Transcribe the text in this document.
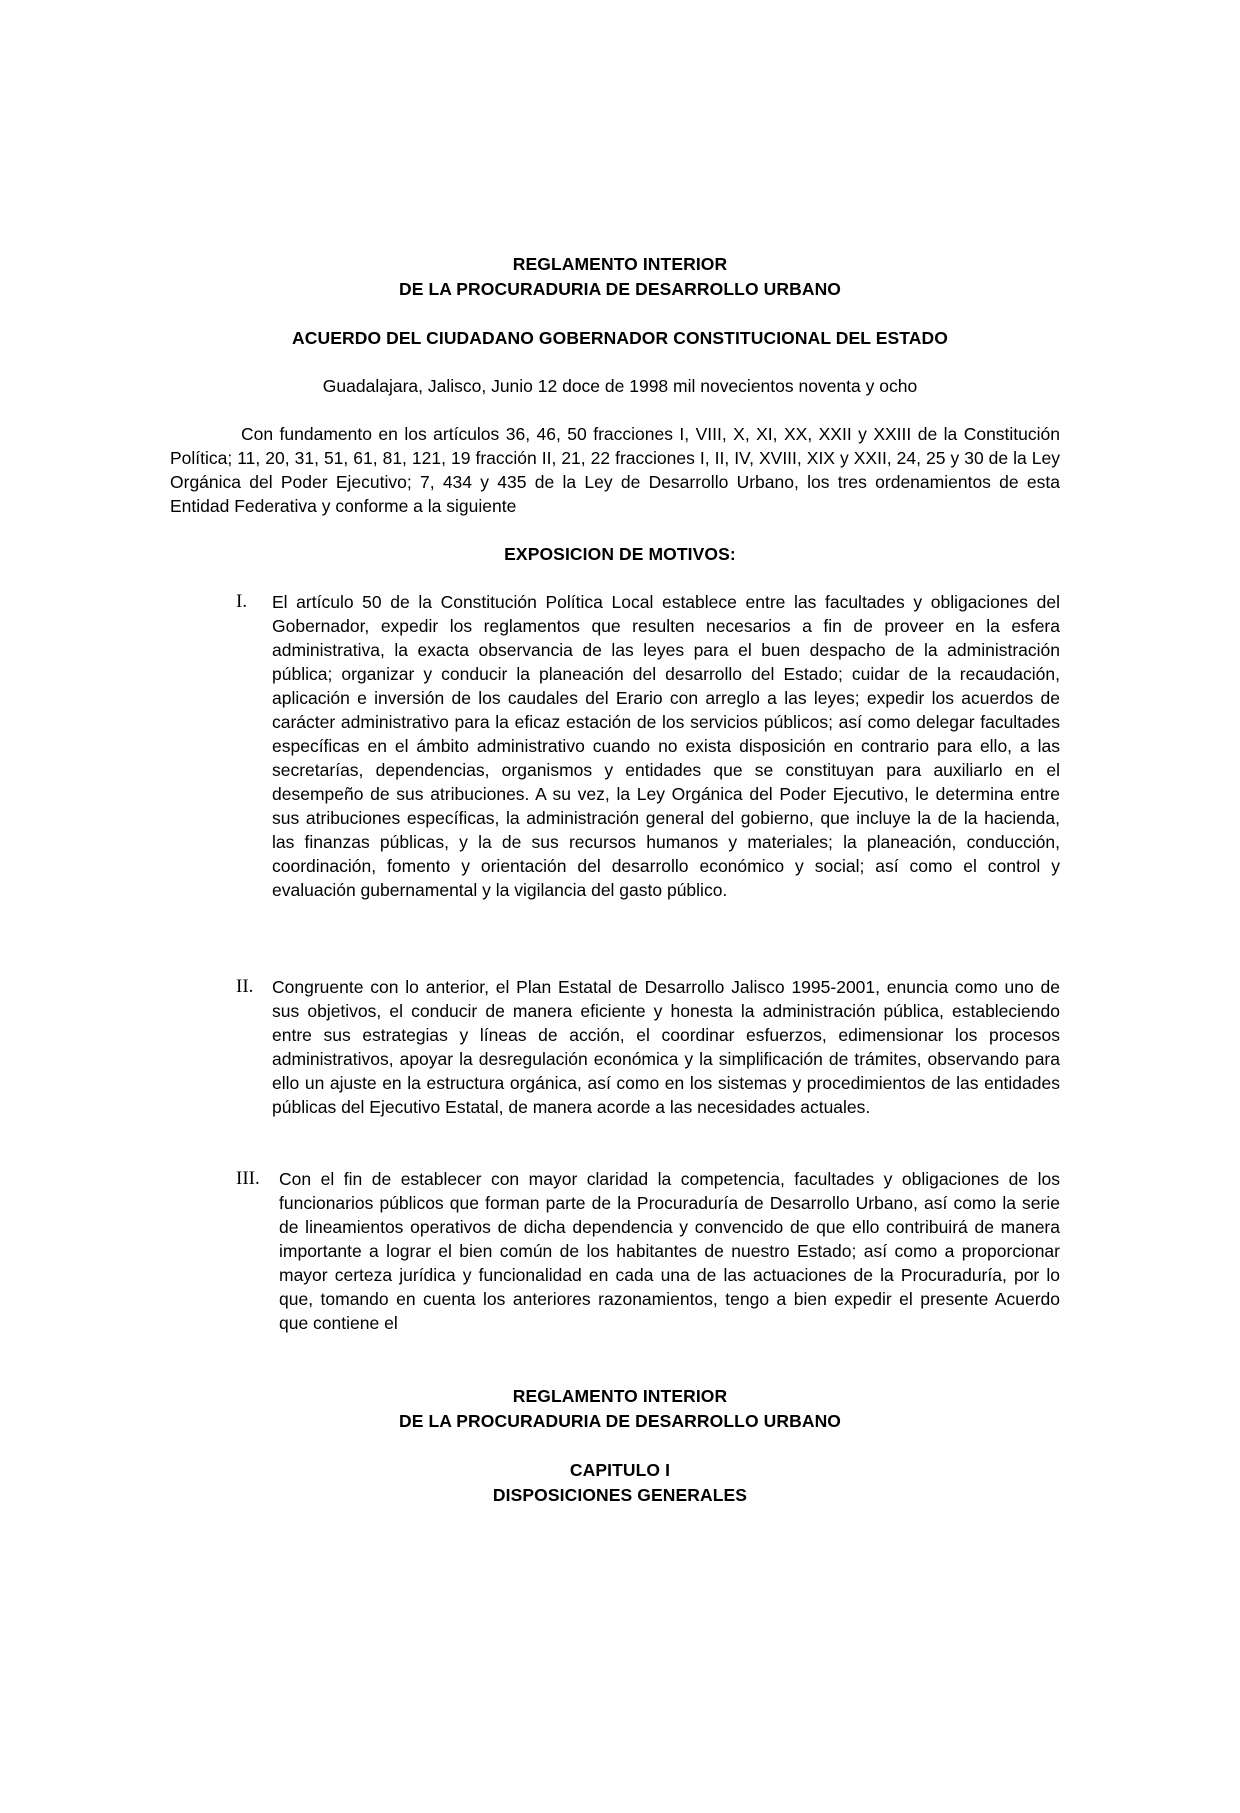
REGLAMENTO INTERIOR
DE LA PROCURADURIA DE DESARROLLO URBANO
ACUERDO DEL CIUDADANO GOBERNADOR CONSTITUCIONAL DEL ESTADO
Guadalajara, Jalisco, Junio 12 doce de 1998 mil novecientos noventa y ocho
Con fundamento en los artículos 36, 46, 50 fracciones I, VIII, X, XI, XX, XXII y XXIII de la Constitución Política; 11, 20, 31, 51, 61, 81, 121, 19 fracción II, 21, 22 fracciones I, II, IV, XVIII, XIX y XXII, 24, 25 y 30 de la Ley Orgánica del Poder Ejecutivo; 7, 434 y 435 de la Ley de Desarrollo Urbano, los tres ordenamientos de esta Entidad Federativa y conforme a la siguiente
EXPOSICION DE MOTIVOS:
I. El artículo 50 de la Constitución Política Local establece entre las facultades y obligaciones del Gobernador, expedir los reglamentos que resulten necesarios a fin de proveer en la esfera administrativa, la exacta observancia de las leyes para el buen despacho de la administración pública; organizar y conducir la planeación del desarrollo del Estado; cuidar de la recaudación, aplicación e inversión de los caudales del Erario con arreglo a las leyes; expedir los acuerdos de carácter administrativo para la eficaz estación de los servicios públicos; así como delegar facultades específicas en el ámbito administrativo cuando no exista disposición en contrario para ello, a las secretarías, dependencias, organismos y entidades que se constituyan para auxiliarlo en el desempeño de sus atribuciones. A su vez, la Ley Orgánica del Poder Ejecutivo, le determina entre sus atribuciones específicas, la administración general del gobierno, que incluye la de la hacienda, las finanzas públicas, y la de sus recursos humanos y materiales; la planeación, conducción, coordinación, fomento y orientación del desarrollo económico y social; así como el control y evaluación gubernamental y la vigilancia del gasto público.
II. Congruente con lo anterior, el Plan Estatal de Desarrollo Jalisco 1995-2001, enuncia como uno de sus objetivos, el conducir de manera eficiente y honesta la administración pública, estableciendo entre sus estrategias y líneas de acción, el coordinar esfuerzos, edimensionar los procesos administrativos, apoyar la desregulación económica y la simplificación de trámites, observando para ello un ajuste en la estructura orgánica, así como en los sistemas y procedimientos de las entidades públicas del Ejecutivo Estatal, de manera acorde a las necesidades actuales.
III. Con el fin de establecer con mayor claridad la competencia, facultades y obligaciones de los funcionarios públicos que forman parte de la Procuraduría de Desarrollo Urbano, así como la serie de lineamientos operativos de dicha dependencia y convencido de que ello contribuirá de manera importante a lograr el bien común de los habitantes de nuestro Estado; así como a proporcionar mayor certeza jurídica y funcionalidad en cada una de las actuaciones de la Procuraduría, por lo que, tomando en cuenta los anteriores razonamientos, tengo a bien expedir el presente Acuerdo que contiene el
REGLAMENTO INTERIOR
DE LA PROCURADURIA DE DESARROLLO URBANO
CAPITULO I
DISPOSICIONES GENERALES
